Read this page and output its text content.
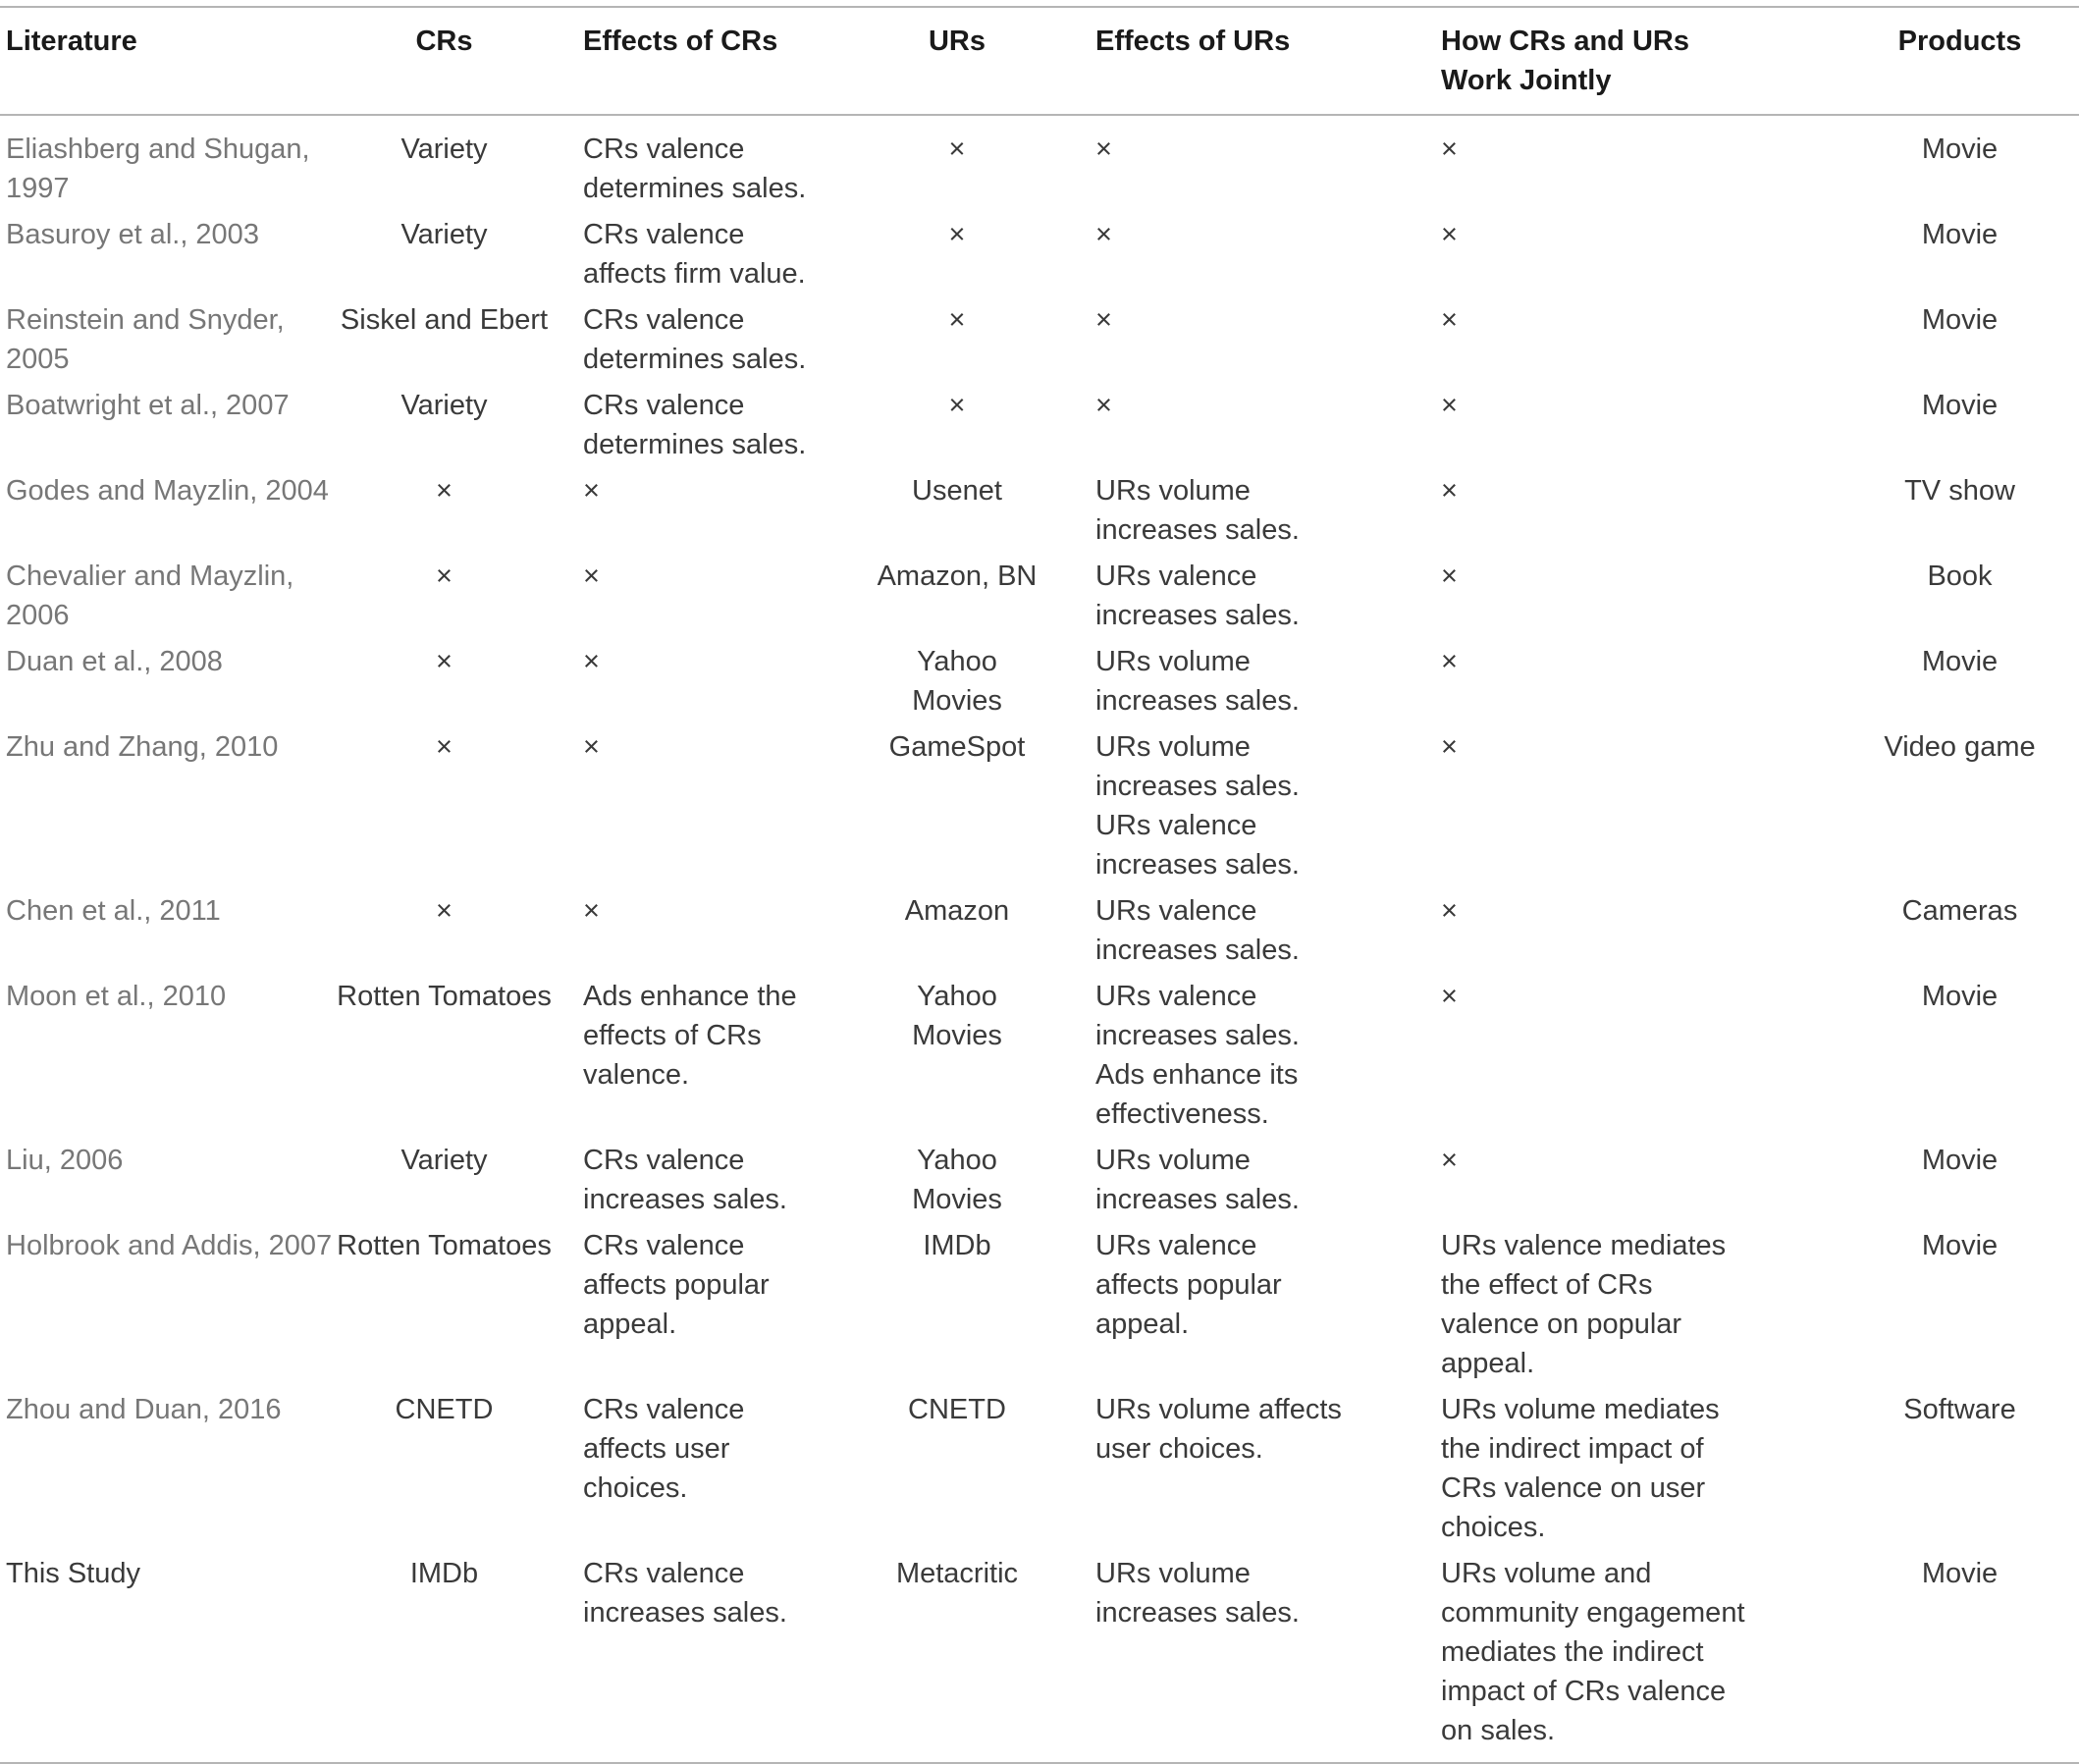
Literature	CRs	Effects of CRs	URs	Effects of URs	How CRs and URs Work Jointly	Products
Eliashberg and Shugan, 1997	Variety	CRs valence determines sales.	×	×	×	Movie
Basuroy et al., 2003	Variety	CRs valence affects firm value.	×	×	×	Movie
Reinstein and Snyder, 2005	Siskel and Ebert	CRs valence determines sales.	×	×	×	Movie
Boatwright et al., 2007	Variety	CRs valence determines sales.	×	×	×	Movie
Godes and Mayzlin, 2004	×	×	Usenet	URs volume increases sales.	×	TV show
Chevalier and Mayzlin, 2006	×	×	Amazon, BN	URs valence increases sales.	×	Book
Duan et al., 2008	×	×	Yahoo Movies	URs volume increases sales.	×	Movie
Zhu and Zhang, 2010	×	×	GameSpot	URs volume increases sales. URs valence increases sales.	×	Video game
Chen et al., 2011	×	×	Amazon	URs valence increases sales.	×	Cameras
Moon et al., 2010	Rotten Tomatoes	Ads enhance the effects of CRs valence.	Yahoo Movies	URs valence increases sales. Ads enhance its effectiveness.	×	Movie
Liu, 2006	Variety	CRs valence increases sales.	Yahoo Movies	URs volume increases sales.	×	Movie
Holbrook and Addis, 2007	Rotten Tomatoes	CRs valence affects popular appeal.	IMDb	URs valence affects popular appeal.	URs valence mediates the effect of CRs valence on popular appeal.	Movie
Zhou and Duan, 2016	CNETD	CRs valence affects user choices.	CNETD	URs volume affects user choices.	URs volume mediates the indirect impact of CRs valence on user choices.	Software
This Study	IMDb	CRs valence increases sales.	Metacritic	URs volume increases sales.	URs volume and community engagement mediates the indirect impact of CRs valence on sales.	Movie
